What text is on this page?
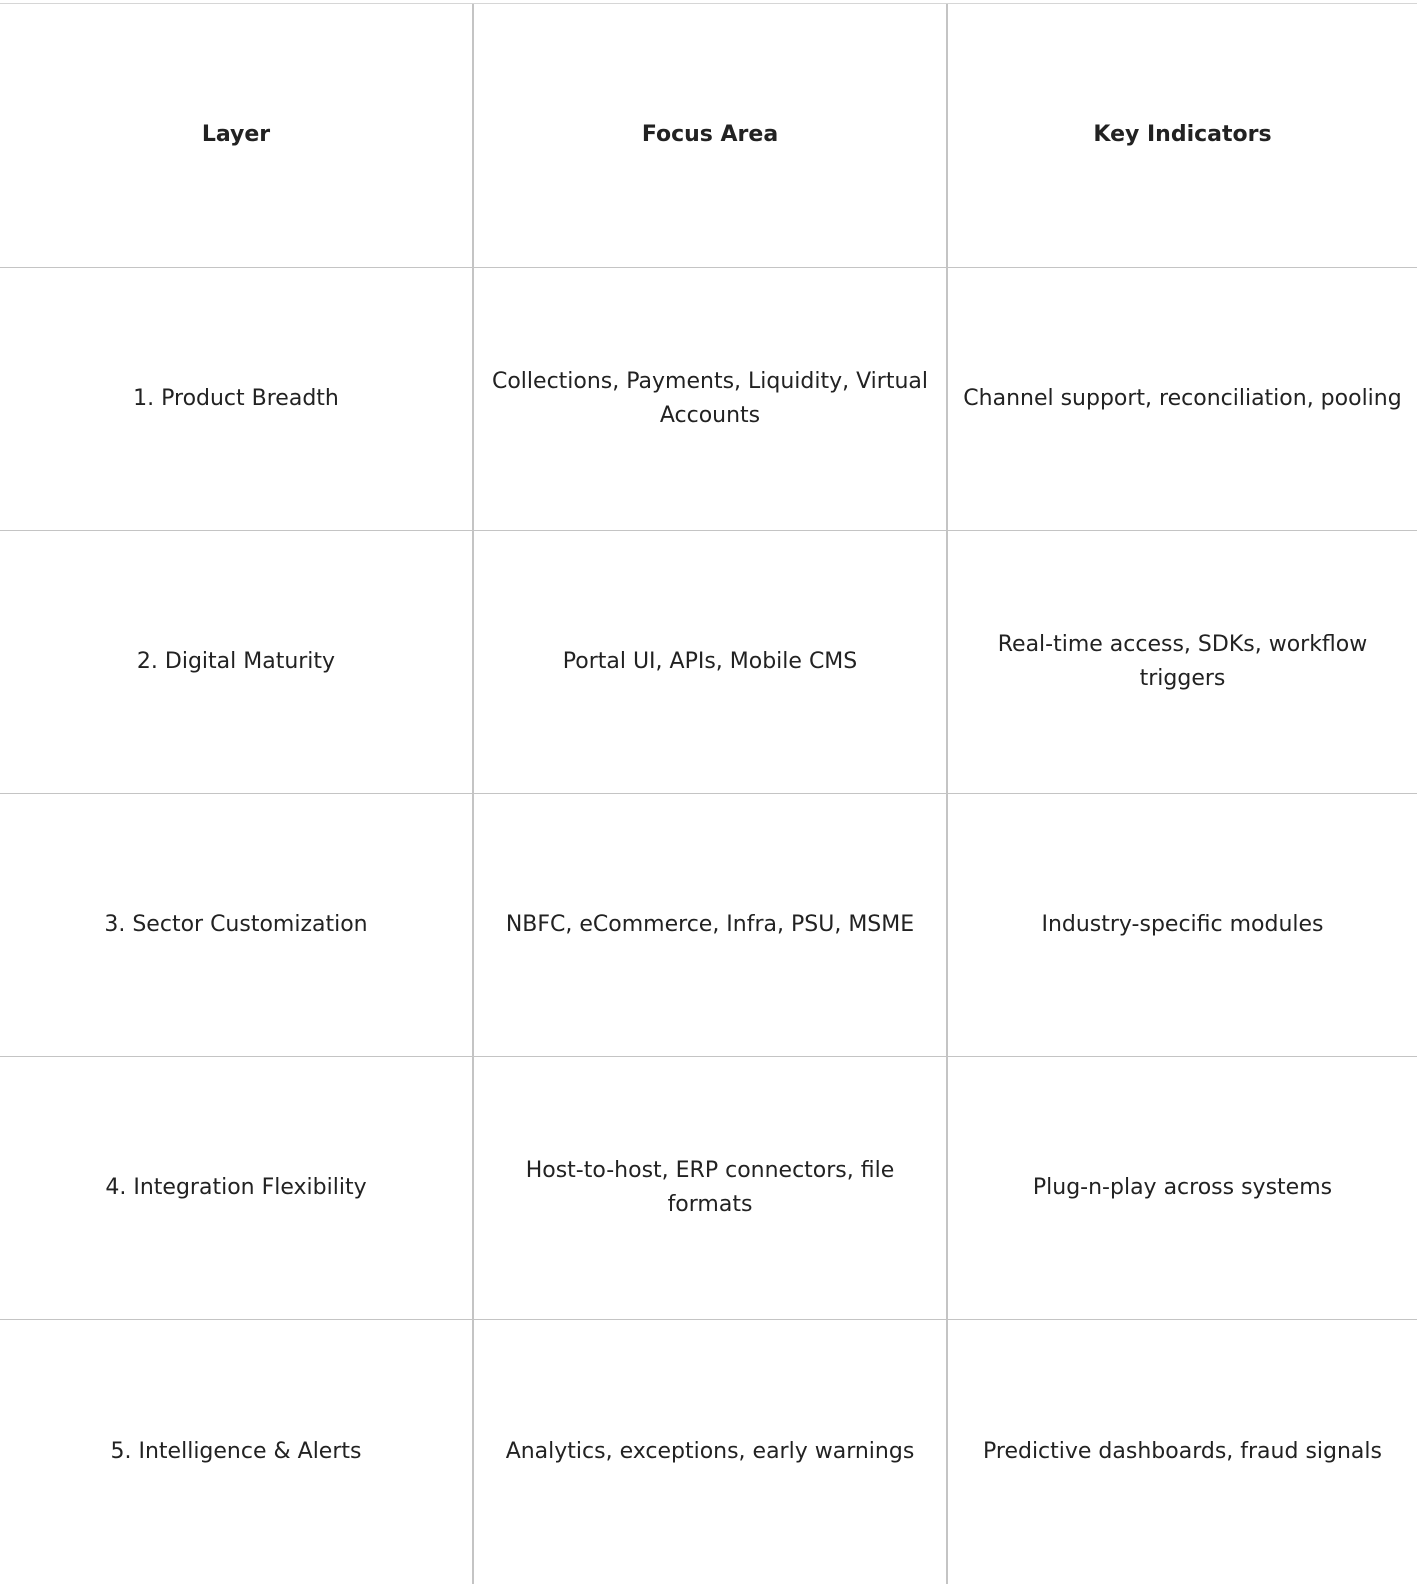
Layer	Focus Area	Key Indicators
1. Product Breadth	Collections, Payments, Liquidity, Virtual Accounts	Channel support, reconciliation, pooling
2. Digital Maturity	Portal UI, APIs, Mobile CMS	Real-time access, SDKs, workflow triggers
3. Sector Customization	NBFC, eCommerce, Infra, PSU, MSME	Industry-specific modules
4. Integration Flexibility	Host-to-host, ERP connectors, file formats	Plug-n-play across systems
5. Intelligence & Alerts	Analytics, exceptions, early warnings	Predictive dashboards, fraud signals
